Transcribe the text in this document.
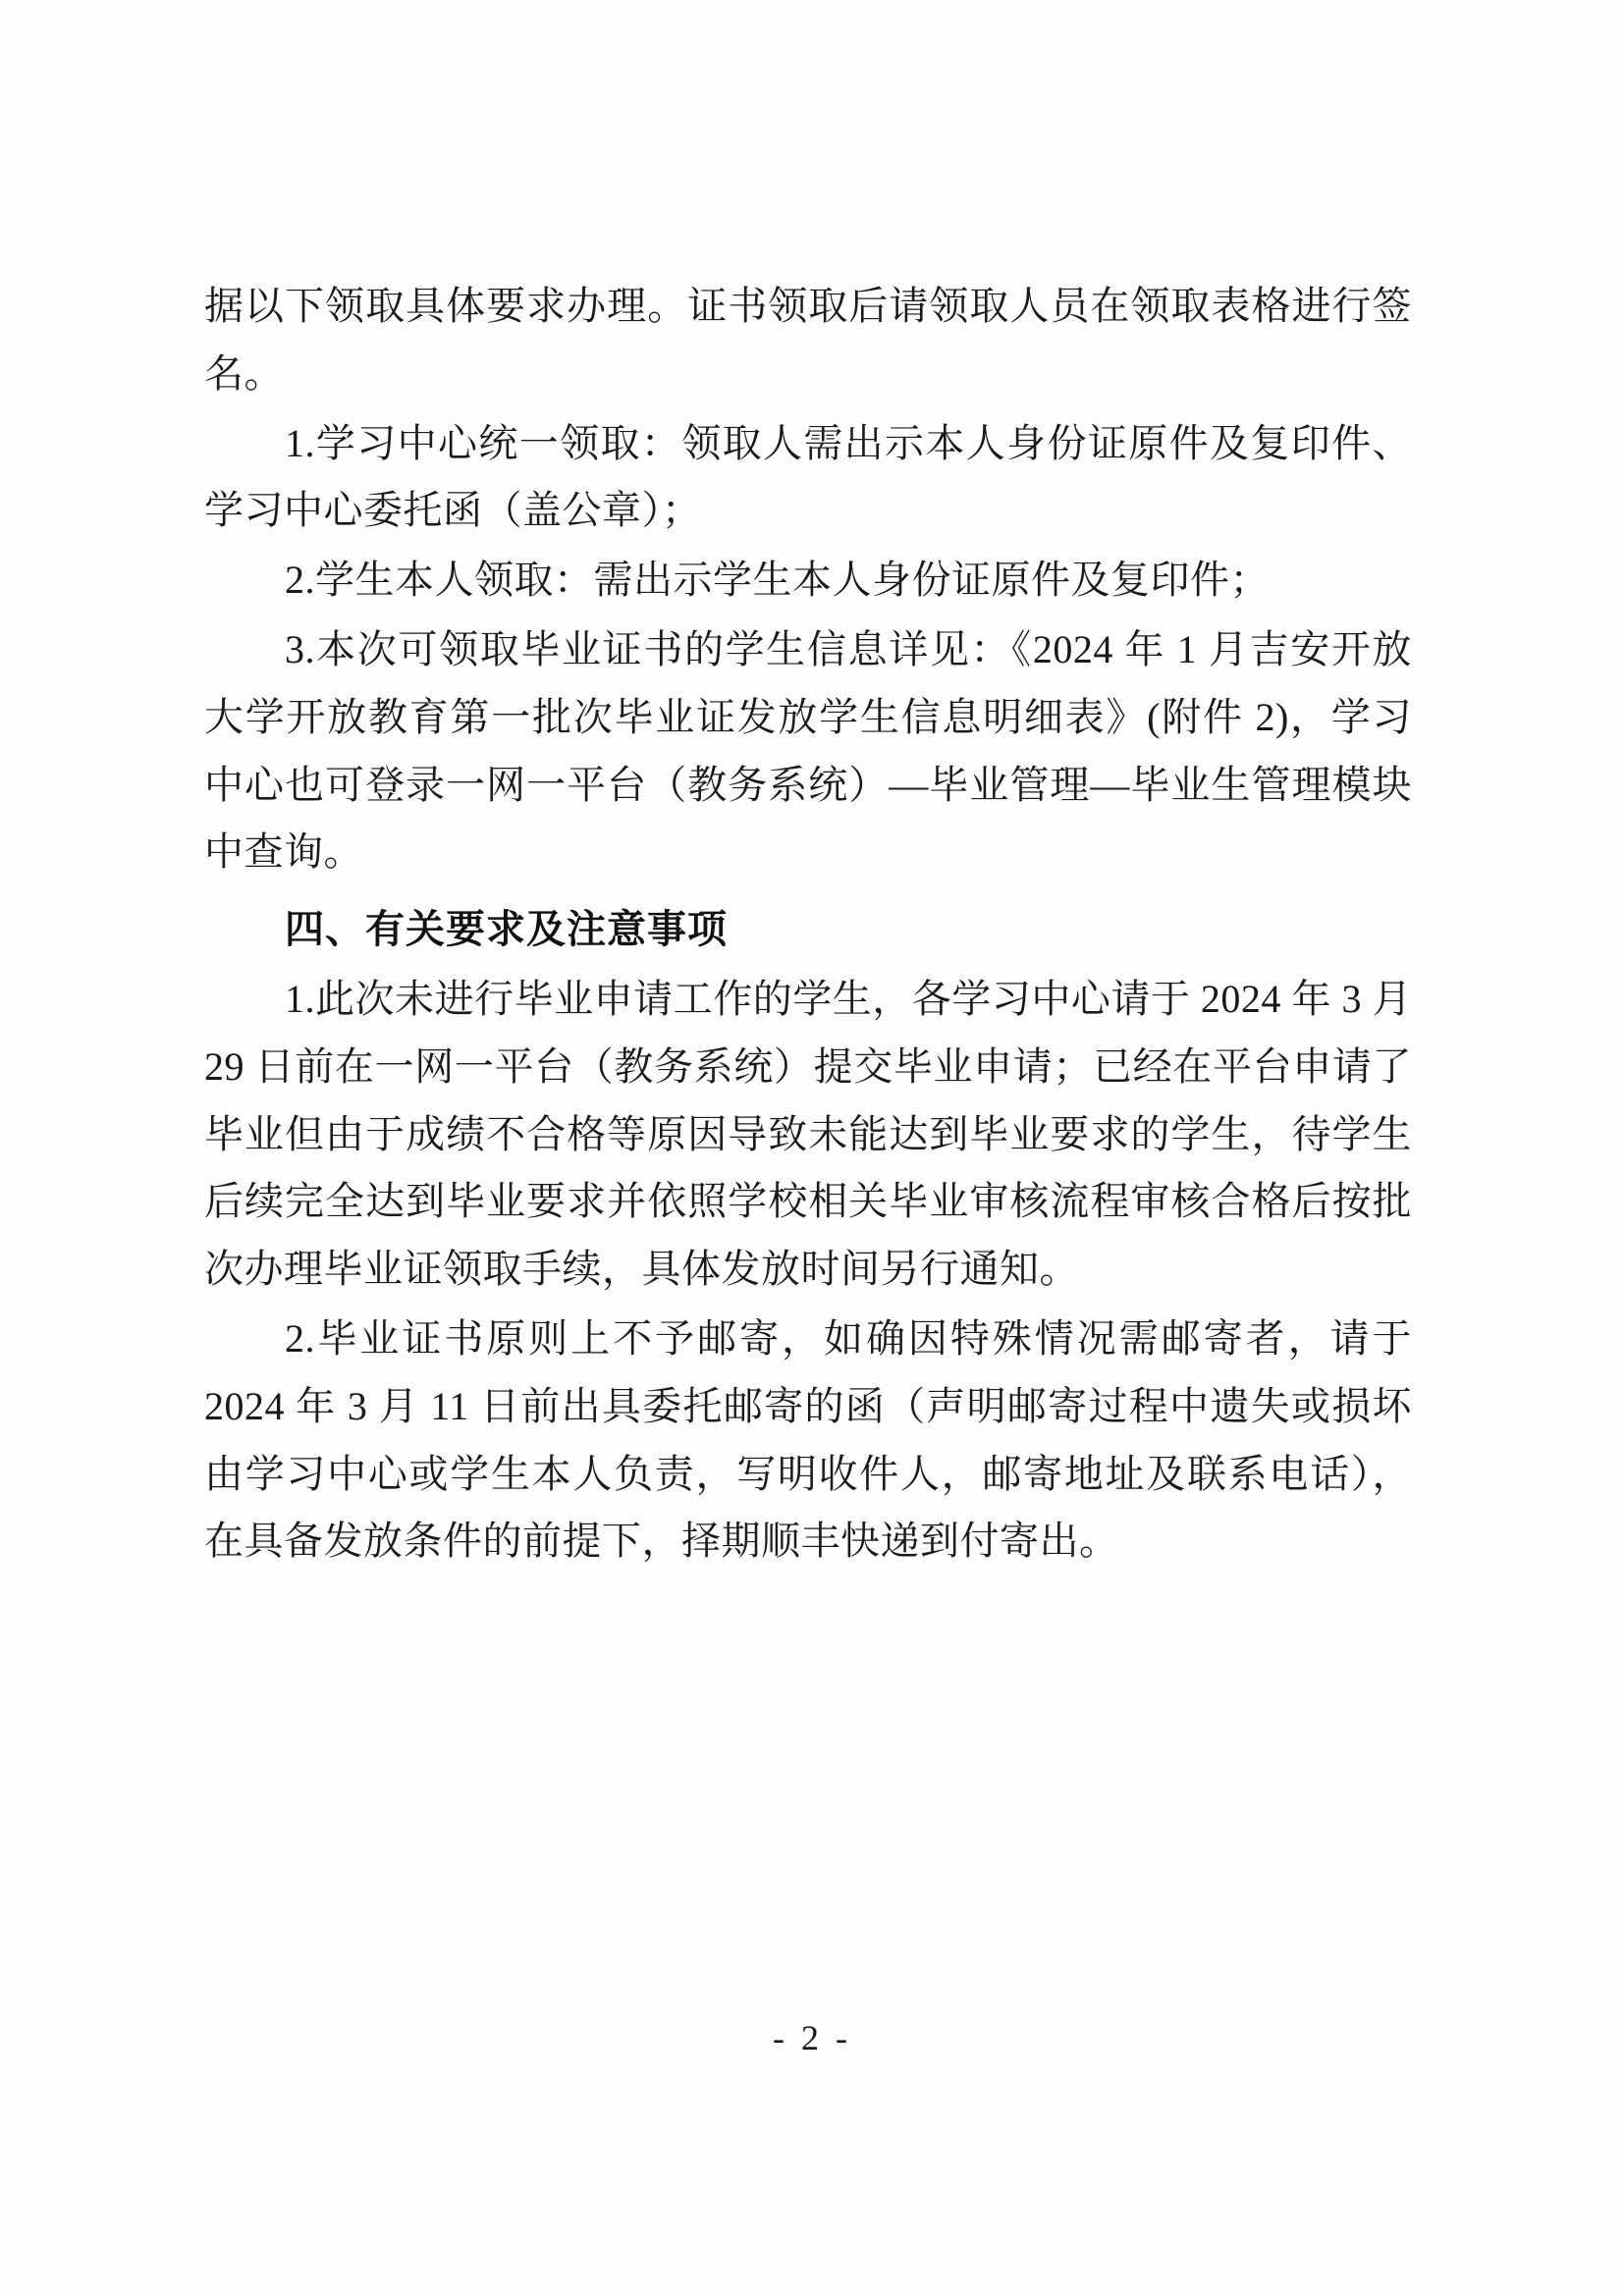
据以下领取具体要求办理。证书领取后请领取人员在领取表格进行签名。

1.学习中心统一领取：领取人需出示本人身份证原件及复印件、学习中心委托函（盖公章）；

2.学生本人领取：需出示学生本人身份证原件及复印件；

3.本次可领取毕业证书的学生信息详见：《2024 年 1 月吉安开放大学开放教育第一批次毕业证发放学生信息明细表》(附件 2)，学习中心也可登录一网一平台（教务系统）—毕业管理—毕业生管理模块中查询。

四、有关要求及注意事项

1.此次未进行毕业申请工作的学生，各学习中心请于 2024 年 3 月 29 日前在一网一平台（教务系统）提交毕业申请；已经在平台申请了毕业但由于成绩不合格等原因导致未能达到毕业要求的学生，待学生后续完全达到毕业要求并依照学校相关毕业审核流程审核合格后按批次办理毕业证领取手续，具体发放时间另行通知。

2.毕业证书原则上不予邮寄，如确因特殊情况需邮寄者，请于 2024 年 3 月 11 日前出具委托邮寄的函（声明邮寄过程中遗失或损坏由学习中心或学生本人负责，写明收件人，邮寄地址及联系电话），在具备发放条件的前提下，择期顺丰快递到付寄出。

- 2 -
